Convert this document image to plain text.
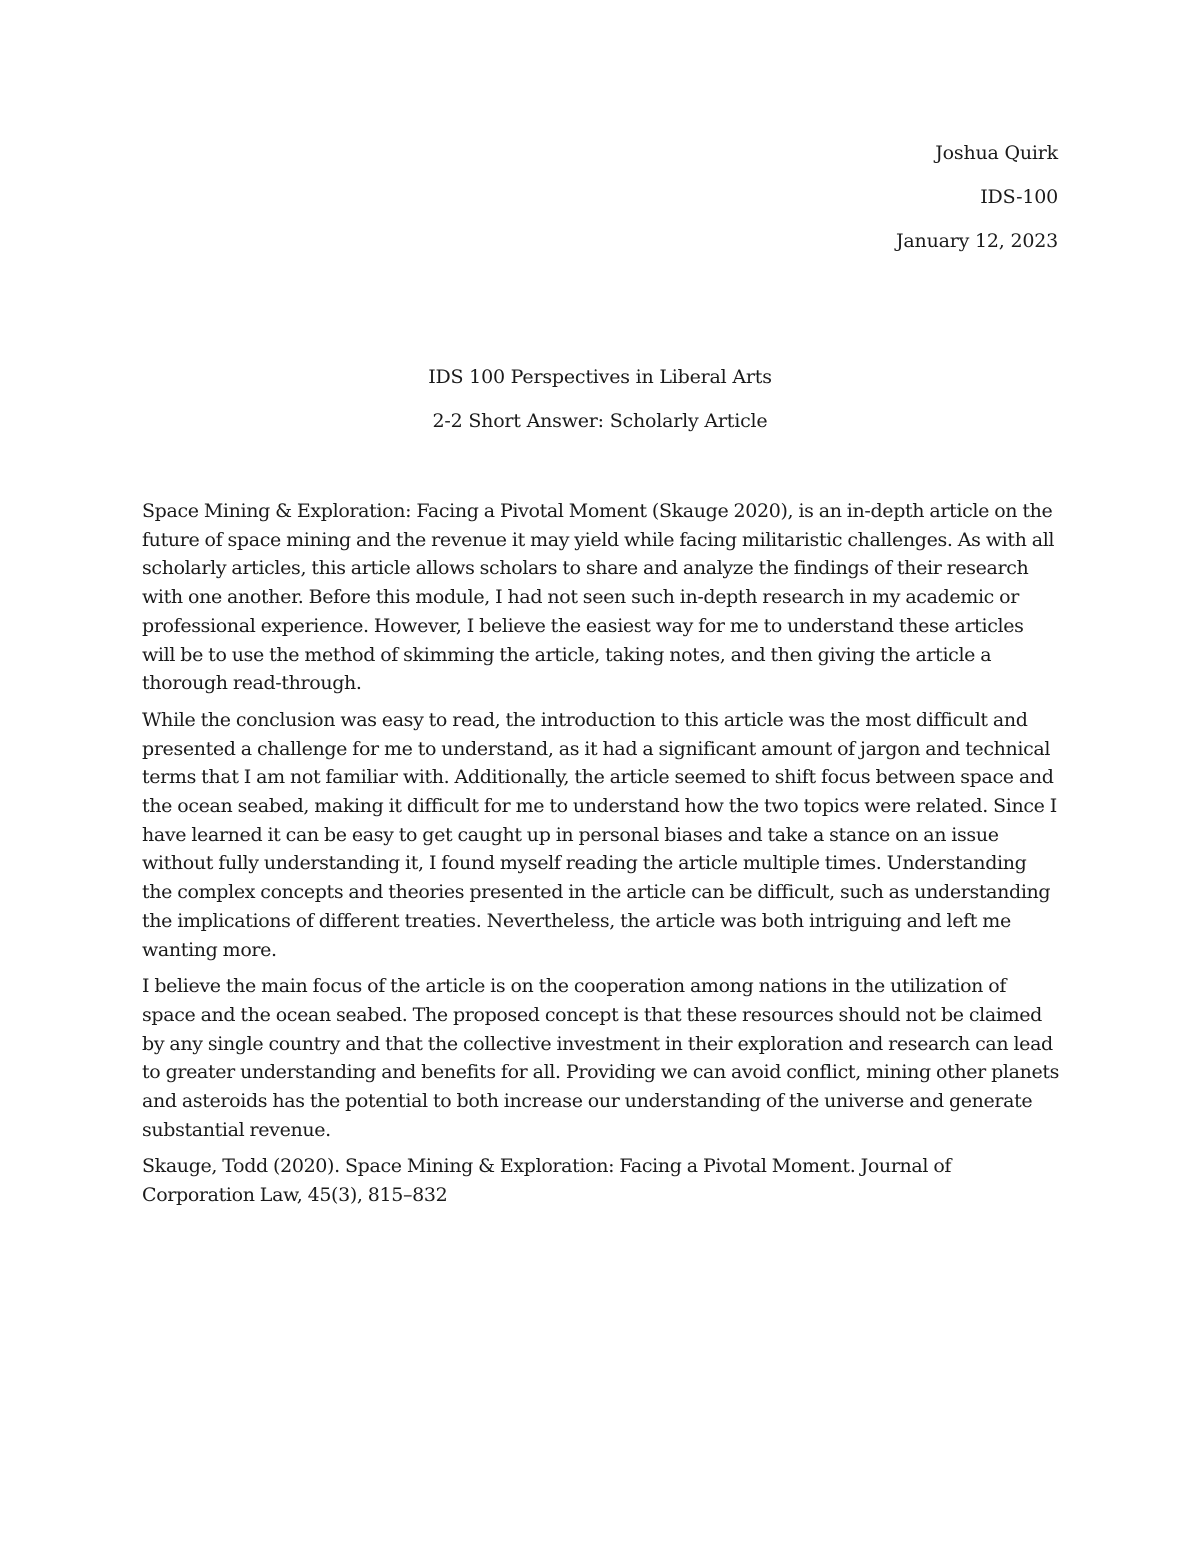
Joshua Quirk
IDS-100
January 12, 2023
IDS 100 Perspectives in Liberal Arts
2-2 Short Answer: Scholarly Article

Space Mining & Exploration: Facing a Pivotal Moment (Skauge 2020), is an in-depth article on the future of space mining and the revenue it may yield while facing militaristic challenges. As with all scholarly articles, this article allows scholars to share and analyze the findings of their research with one another. Before this module, I had not seen such in-depth research in my academic or professional experience. However, I believe the easiest way for me to understand these articles will be to use the method of skimming the article, taking notes, and then giving the article a thorough read-through.

While the conclusion was easy to read, the introduction to this article was the most difficult and presented a challenge for me to understand, as it had a significant amount of jargon and technical terms that I am not familiar with. Additionally, the article seemed to shift focus between space and the ocean seabed, making it difficult for me to understand how the two topics were related. Since I have learned it can be easy to get caught up in personal biases and take a stance on an issue without fully understanding it, I found myself reading the article multiple times. Understanding the complex concepts and theories presented in the article can be difficult, such as understanding the implications of different treaties. Nevertheless, the article was both intriguing and left me wanting more.

I believe the main focus of the article is on the cooperation among nations in the utilization of space and the ocean seabed. The proposed concept is that these resources should not be claimed by any single country and that the collective investment in their exploration and research can lead to greater understanding and benefits for all. Providing we can avoid conflict, mining other planets and asteroids has the potential to both increase our understanding of the universe and generate substantial revenue.

Skauge, Todd (2020). Space Mining & Exploration: Facing a Pivotal Moment. Journal of Corporation Law, 45(3), 815–832
